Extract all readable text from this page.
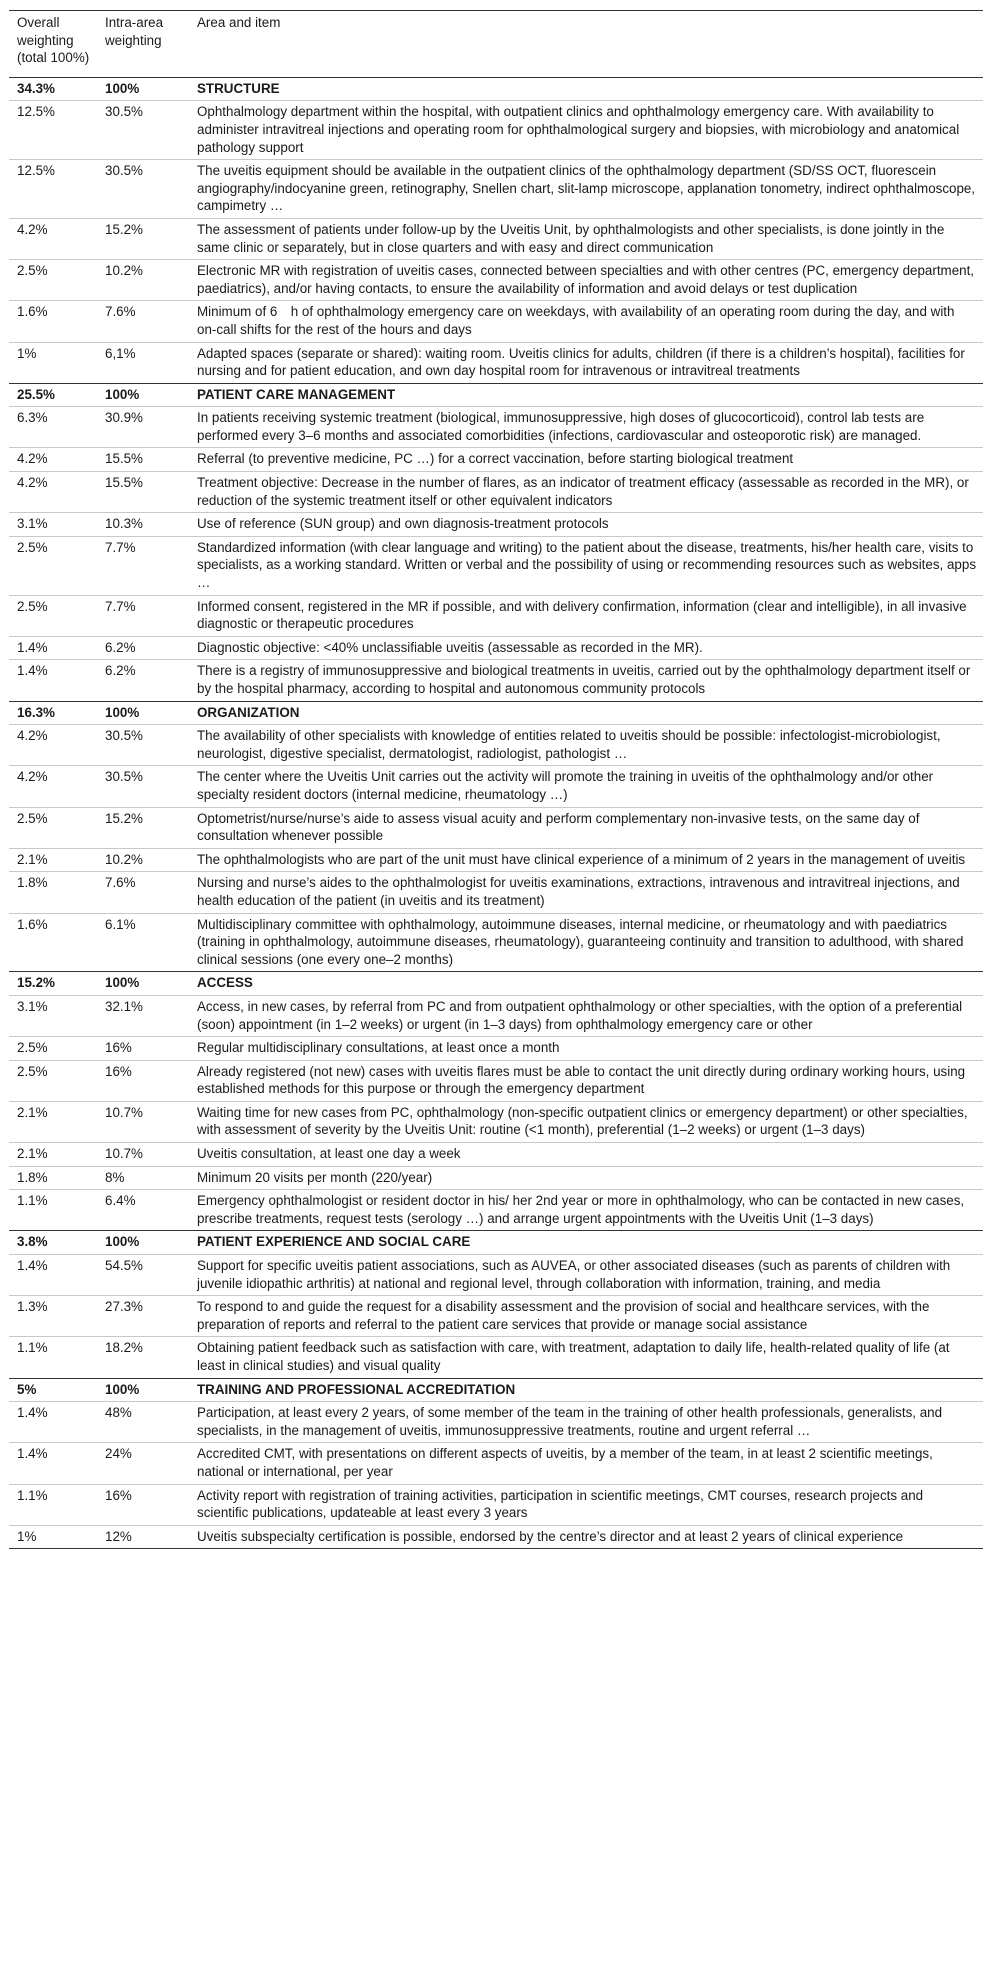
Overall weighting (total 100%)	Intra-area weighting	Area and item
34.3%	100%	STRUCTURE
12.5%	30.5%	Ophthalmology department within the hospital, with outpatient clinics and ophthalmology emergency care. With availability to administer intravitreal injections and operating room for ophthalmological surgery and biopsies, with microbiology and anatomical pathology support
12.5%	30.5%	The uveitis equipment should be available in the outpatient clinics of the ophthalmology department (SD/SS OCT, fluorescein angiography/indocyanine green, retinography, Snellen chart, slit-lamp microscope, applanation tonometry, indirect ophthalmoscope, campimetry …
4.2%	15.2%	The assessment of patients under follow-up by the Uveitis Unit, by ophthalmologists and other specialists, is done jointly in the same clinic or separately, but in close quarters and with easy and direct communication
2.5%	10.2%	Electronic MR with registration of uveitis cases, connected between specialties and with other centres (PC, emergency department, paediatrics), and/or having contacts, to ensure the availability of information and avoid delays or test duplication
1.6%	7.6%	Minimum of 6 h of ophthalmology emergency care on weekdays, with availability of an operating room during the day, and with on-call shifts for the rest of the hours and days
1%	6,1%	Adapted spaces (separate or shared): waiting room. Uveitis clinics for adults, children (if there is a children’s hospital), facilities for nursing and for patient education, and own day hospital room for intravenous or intravitreal treatments
25.5%	100%	PATIENT CARE MANAGEMENT
6.3%	30.9%	In patients receiving systemic treatment (biological, immunosuppressive, high doses of glucocorticoid), control lab tests are performed every 3–6 months and associated comorbidities (infections, cardiovascular and osteoporotic risk) are managed.
4.2%	15.5%	Referral (to preventive medicine, PC …) for a correct vaccination, before starting biological treatment
4.2%	15.5%	Treatment objective: Decrease in the number of flares, as an indicator of treatment efficacy (assessable as recorded in the MR), or reduction of the systemic treatment itself or other equivalent indicators
3.1%	10.3%	Use of reference (SUN group) and own diagnosis-treatment protocols
2.5%	7.7%	Standardized information (with clear language and writing) to the patient about the disease, treatments, his/her health care, visits to specialists, as a working standard. Written or verbal and the possibility of using or recommending resources such as websites, apps …
2.5%	7.7%	Informed consent, registered in the MR if possible, and with delivery confirmation, information (clear and intelligible), in all invasive diagnostic or therapeutic procedures
1.4%	6.2%	Diagnostic objective: <40% unclassifiable uveitis (assessable as recorded in the MR).
1.4%	6.2%	There is a registry of immunosuppressive and biological treatments in uveitis, carried out by the ophthalmology department itself or by the hospital pharmacy, according to hospital and autonomous community protocols
16.3%	100%	ORGANIZATION
4.2%	30.5%	The availability of other specialists with knowledge of entities related to uveitis should be possible: infectologist-microbiologist, neurologist, digestive specialist, dermatologist, radiologist, pathologist …
4.2%	30.5%	The center where the Uveitis Unit carries out the activity will promote the training in uveitis of the ophthalmology and/or other specialty resident doctors (internal medicine, rheumatology …)
2.5%	15.2%	Optometrist/nurse/nurse’s aide to assess visual acuity and perform complementary non-invasive tests, on the same day of consultation whenever possible
2.1%	10.2%	The ophthalmologists who are part of the unit must have clinical experience of a minimum of 2 years in the management of uveitis
1.8%	7.6%	Nursing and nurse’s aides to the ophthalmologist for uveitis examinations, extractions, intravenous and intravitreal injections, and health education of the patient (in uveitis and its treatment)
1.6%	6.1%	Multidisciplinary committee with ophthalmology, autoimmune diseases, internal medicine, or rheumatology and with paediatrics (training in ophthalmology, autoimmune diseases, rheumatology), guaranteeing continuity and transition to adulthood, with shared clinical sessions (one every one–2 months)
15.2%	100%	ACCESS
3.1%	32.1%	Access, in new cases, by referral from PC and from outpatient ophthalmology or other specialties, with the option of a preferential (soon) appointment (in 1–2 weeks) or urgent (in 1–3 days) from ophthalmology emergency care or other
2.5%	16%	Regular multidisciplinary consultations, at least once a month
2.5%	16%	Already registered (not new) cases with uveitis flares must be able to contact the unit directly during ordinary working hours, using established methods for this purpose or through the emergency department
2.1%	10.7%	Waiting time for new cases from PC, ophthalmology (non-specific outpatient clinics or emergency department) or other specialties, with assessment of severity by the Uveitis Unit: routine (<1 month), preferential (1–2 weeks) or urgent (1–3 days)
2.1%	10.7%	Uveitis consultation, at least one day a week
1.8%	8%	Minimum 20 visits per month (220/year)
1.1%	6.4%	Emergency ophthalmologist or resident doctor in his/ her 2nd year or more in ophthalmology, who can be contacted in new cases, prescribe treatments, request tests (serology …) and arrange urgent appointments with the Uveitis Unit (1–3 days)
3.8%	100%	PATIENT EXPERIENCE AND SOCIAL CARE
1.4%	54.5%	Support for specific uveitis patient associations, such as AUVEA, or other associated diseases (such as parents of children with juvenile idiopathic arthritis) at national and regional level, through collaboration with information, training, and media
1.3%	27.3%	To respond to and guide the request for a disability assessment and the provision of social and healthcare services, with the preparation of reports and referral to the patient care services that provide or manage social assistance
1.1%	18.2%	Obtaining patient feedback such as satisfaction with care, with treatment, adaptation to daily life, health-related quality of life (at least in clinical studies) and visual quality
5%	100%	TRAINING AND PROFESSIONAL ACCREDITATION
1.4%	48%	Participation, at least every 2 years, of some member of the team in the training of other health professionals, generalists, and specialists, in the management of uveitis, immunosuppressive treatments, routine and urgent referral …
1.4%	24%	Accredited CMT, with presentations on different aspects of uveitis, by a member of the team, in at least 2 scientific meetings, national or international, per year
1.1%	16%	Activity report with registration of training activities, participation in scientific meetings, CMT courses, research projects and scientific publications, updateable at least every 3 years
1%	12%	Uveitis subspecialty certification is possible, endorsed by the centre’s director and at least 2 years of clinical experience
